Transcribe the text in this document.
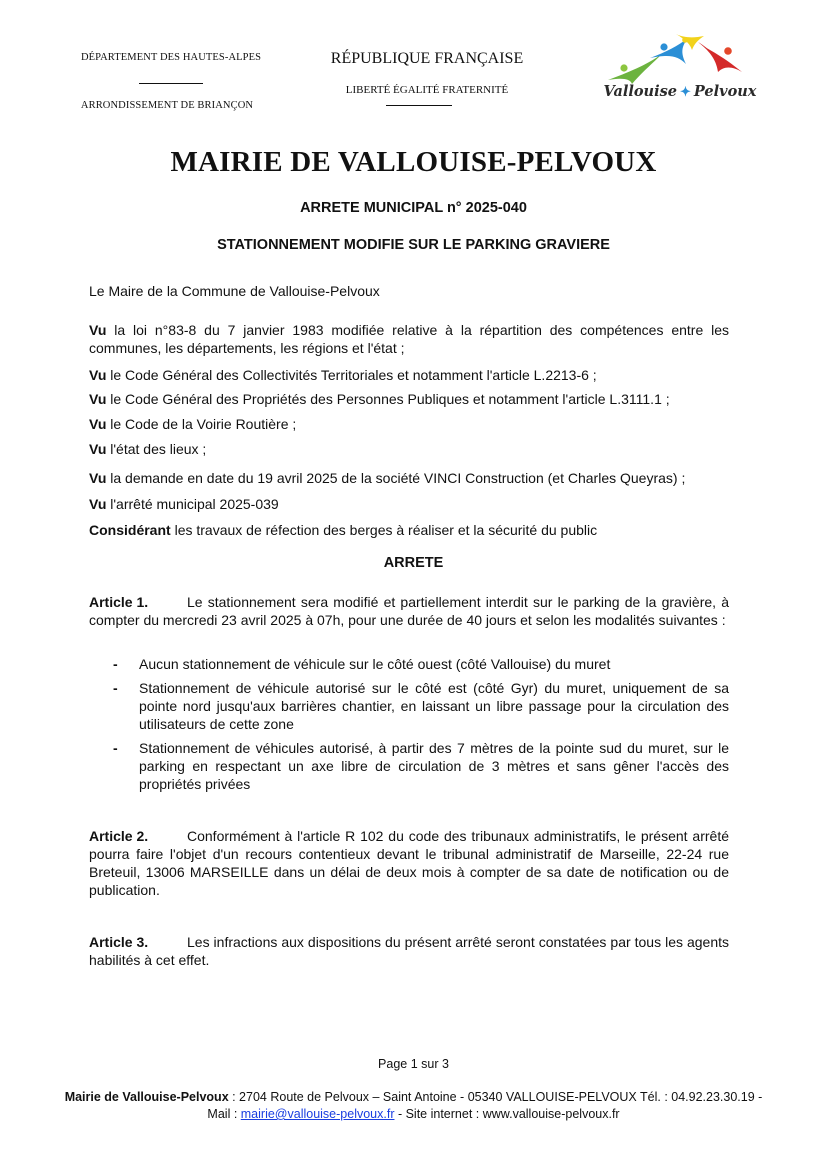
DÉPARTEMENT DES HAUTES-ALPES
ARRONDISSEMENT DE BRIANÇON
RÉPUBLIQUE FRANÇAISE
LIBERTÉ ÉGALITÉ FRATERNITÉ	Vallouise ✦ Pelvoux
MAIRIE DE VALLOUISE-PELVOUX
ARRETE MUNICIPAL n° 2025-040
STATIONNEMENT MODIFIE SUR LE PARKING GRAVIERE
Le Maire de la Commune de Vallouise-Pelvoux
Vu la loi n°83-8 du 7 janvier 1983 modifiée relative à la répartition des compétences entre les communes, les départements, les régions et l'état ;
Vu le Code Général des Collectivités Territoriales et notamment l'article L.2213-6 ;
Vu le Code Général des Propriétés des Personnes Publiques et notamment l'article L.3111.1 ;
Vu le Code de la Voirie Routière ;
Vu l'état des lieux ;
Vu la demande en date du 19 avril 2025 de la société VINCI Construction (et Charles Queyras) ;
Vu l'arrêté municipal 2025-039
Considérant les travaux de réfection des berges à réaliser et la sécurité du public
ARRETE
Article 1.	Le stationnement sera modifié et partiellement interdit sur le parking de la gravière, à compter du mercredi 23 avril 2025 à 07h, pour une durée de 40 jours et selon les modalités suivantes :
- Aucun stationnement de véhicule sur le côté ouest (côté Vallouise) du muret
- Stationnement de véhicule autorisé sur le côté est (côté Gyr) du muret, uniquement de sa pointe nord jusqu'aux barrières chantier, en laissant un libre passage pour la circulation des utilisateurs de cette zone
- Stationnement de véhicules autorisé, à partir des 7 mètres de la pointe sud du muret, sur le parking en respectant un axe libre de circulation de 3 mètres et sans gêner l'accès des propriétés privées
Article 2.	Conformément à l'article R 102 du code des tribunaux administratifs, le présent arrêté pourra faire l'objet d'un recours contentieux devant le tribunal administratif de Marseille, 22-24 rue Breteuil, 13006 MARSEILLE dans un délai de deux mois à compter de sa date de notification ou de publication.
Article 3.	Les infractions aux dispositions du présent arrêté seront constatées par tous les agents habilités à cet effet.
Page 1 sur 3
Mairie de Vallouise-Pelvoux : 2704 Route de Pelvoux – Saint Antoine - 05340 VALLOUISE-PELVOUX Tél. : 04.92.23.30.19 - Mail : mairie@vallouise-pelvoux.fr - Site internet : www.vallouise-pelvoux.fr
